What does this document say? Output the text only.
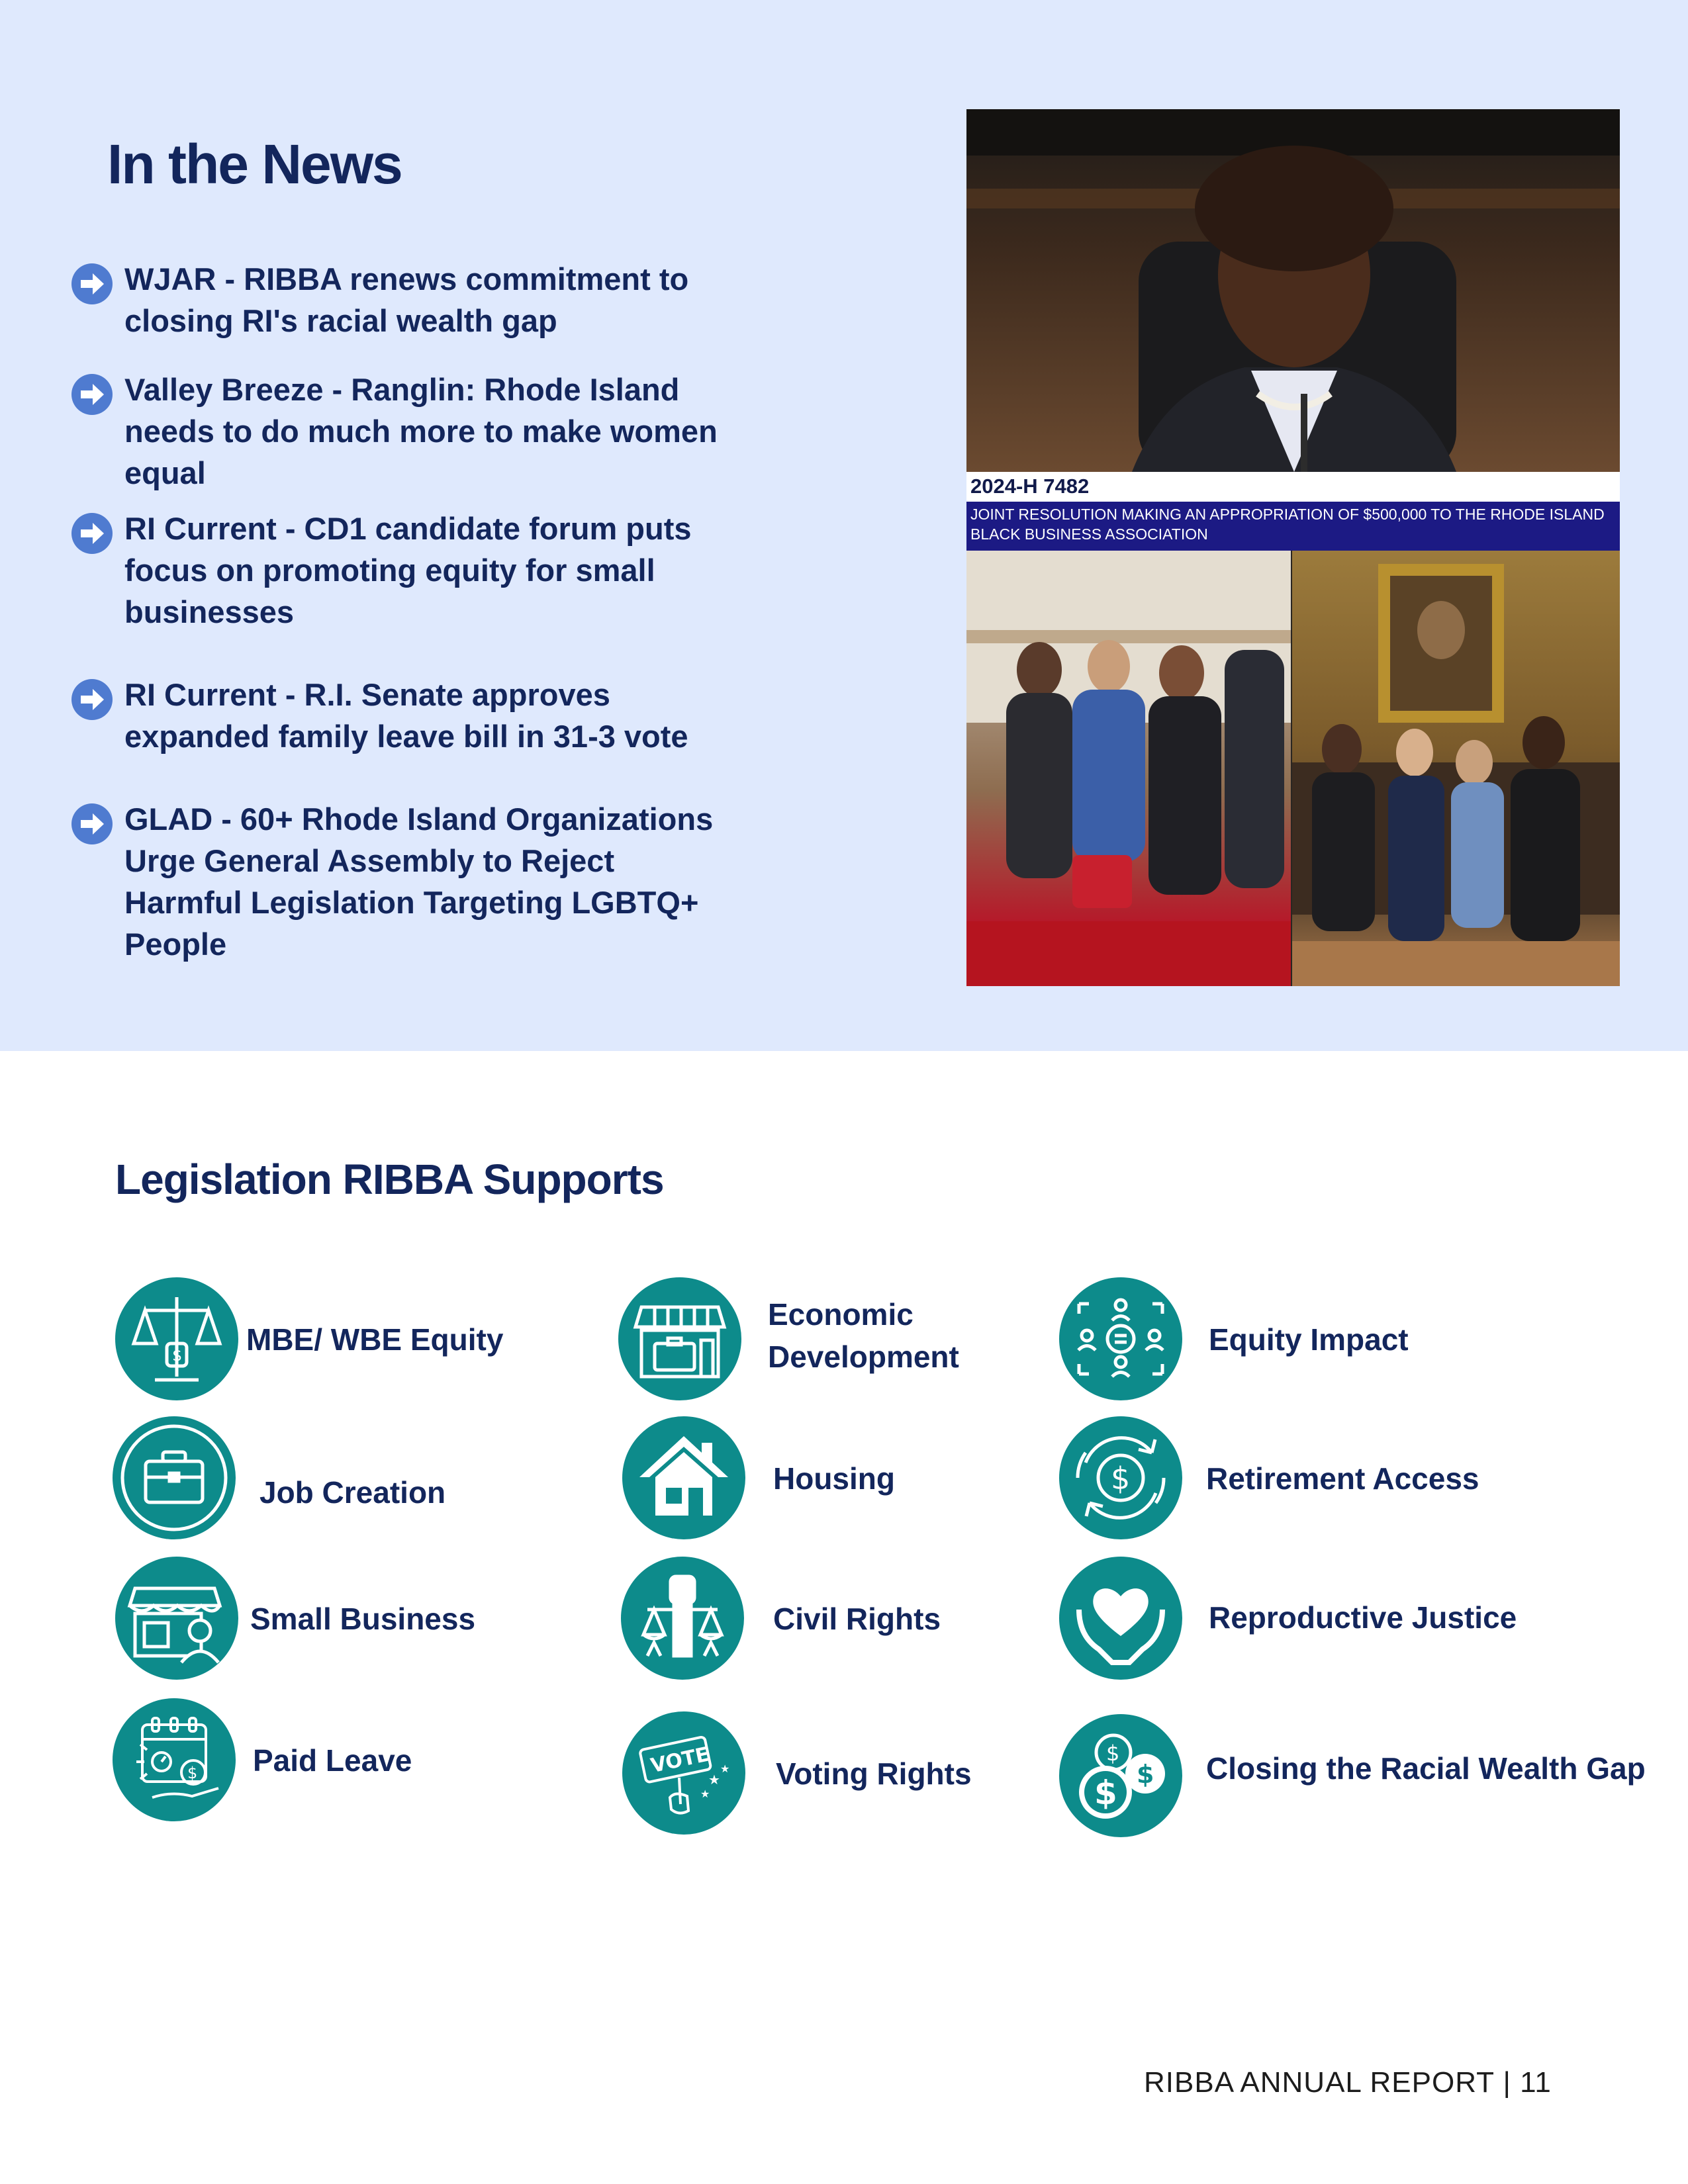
In the News
WJAR - RIBBA renews commitment to
closing RI's racial wealth gap
Valley Breeze - Ranglin: Rhode Island
needs to do much more to make women
equal
RI Current - CD1 candidate forum puts
focus on promoting equity for small
businesses
RI Current - R.I. Senate approves
expanded family leave bill in 31-3 vote
GLAD - 60+ Rhode Island Organizations
Urge General Assembly to Reject
Harmful Legislation Targeting LGBTQ+
People
2024-H 7482
JOINT RESOLUTION MAKING AN APPROPRIATION OF $500,000 TO THE RHODE ISLAND BLACK BUSINESS ASSOCIATION
Legislation RIBBA Supports
$ MBE/ WBE Equity
Economic
Development	Equity Impact
Job Creation	Housing	$ Retirement Access
Small Business	Civil Rights	Reproductive Justice
$ Paid Leave	VOTE
★
★
★
Voting Rights
$
$
$
Closing the Racial Wealth Gap
RIBBA ANNUAL REPORT | 11
